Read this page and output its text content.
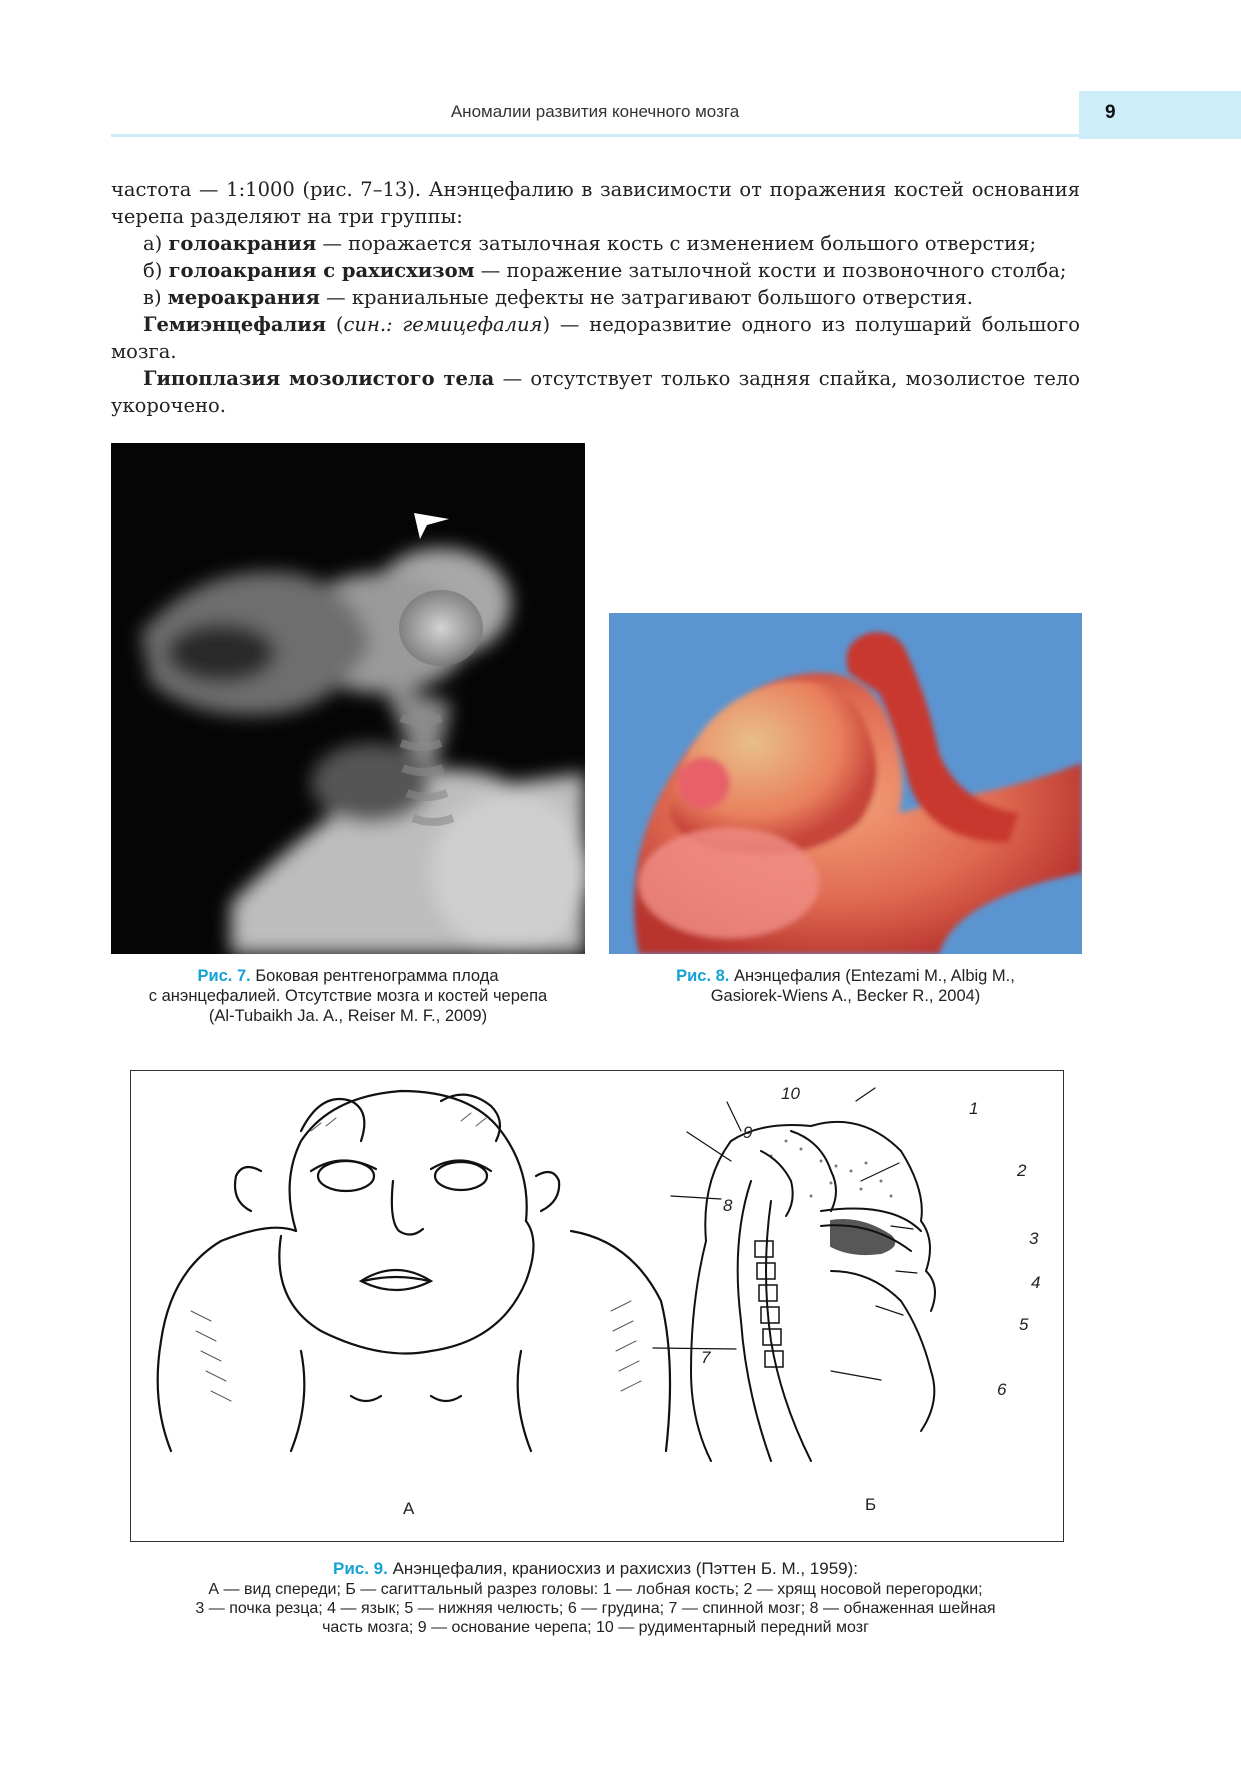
Аномалии развития конечного мозга	9
частота — 1:1000 (рис. 7–13). Анэнцефалию в зависимости от поражения костей основания
черепа разделяют на три группы:
а) голоакрания — поражается затылочная кость с изменением большого отверстия;
б) голоакрания с рахисхизом — поражение затылочной кости и позвоночного столба;
в) мероакрания — краниальные дефекты не затрагивают большого отверстия.
Гемиэнцефалия (син.: гемицефалия) — недоразвитие одного из полушарий большого
мозга.
Гипоплазия мозолистого тела — отсутствует только задняя спайка, мозолистое тело
укорочено.
Рис. 7. Боковая рентгенограмма плода
с анэнцефалией. Отсутствие мозга и костей черепа
(Al-Tubaikh Ja. A., Reiser M. F., 2009)
Рис. 8. Анэнцефалия (Entezami M., Albig M.,
Gasiorek-Wiens A., Becker R., 2004)
А	Б
1
2
3
4
5
6
7
8
9
10
Рис. 9. Анэнцефалия, краниосхиз и рахисхиз (Пэттен Б. М., 1959):
А — вид спереди; Б — сагиттальный разрез головы: 1 — лобная кость; 2 — хрящ носовой перегородки;
3 — почка резца; 4 — язык; 5 — нижняя челюсть; 6 — грудина; 7 — спинной мозг; 8 — обнаженная шейная
часть мозга; 9 — основание черепа; 10 — рудиментарный передний мозг
